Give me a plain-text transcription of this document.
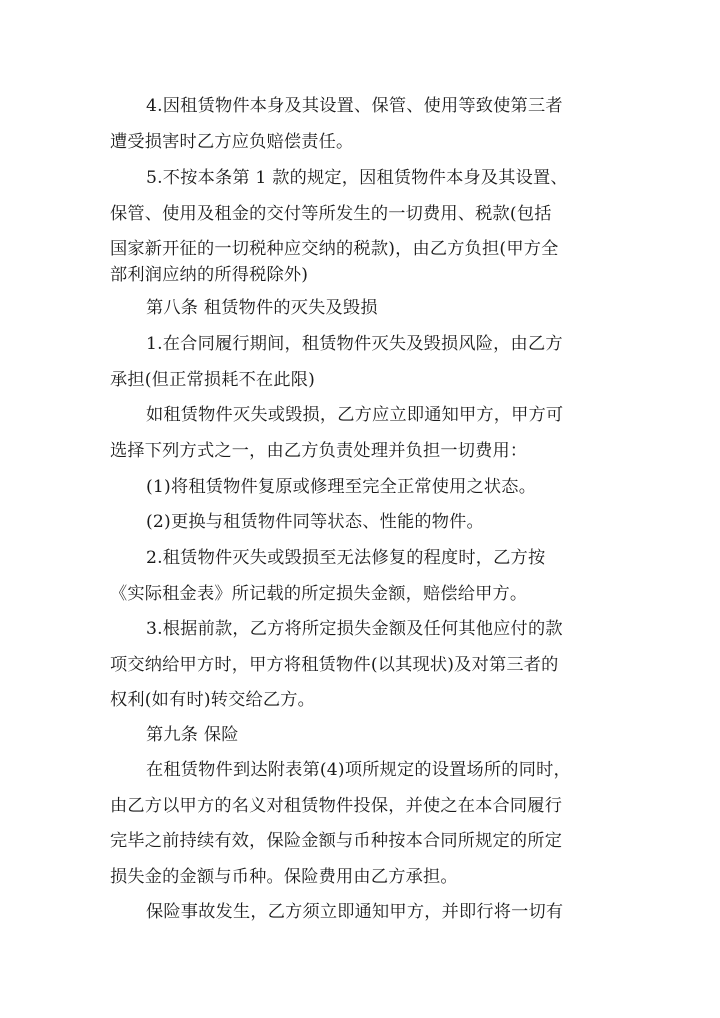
4.因租赁物件本身及其设置、保管、使用等致使第三者
遭受损害时乙方应负赔偿责任。
5.不按本条第 1 款的规定，因租赁物件本身及其设置、
保管、使用及租金的交付等所发生的一切费用、税款(包括
国家新开征的一切税种应交纳的税款)，由乙方负担(甲方全
部利润应纳的所得税除外)
第八条 租赁物件的灭失及毁损
1.在合同履行期间，租赁物件灭失及毁损风险，由乙方
承担(但正常损耗不在此限)
如租赁物件灭失或毁损，乙方应立即通知甲方，甲方可
选择下列方式之一，由乙方负责处理并负担一切费用：
(1)将租赁物件复原或修理至完全正常使用之状态。
(2)更换与租赁物件同等状态、性能的物件。
2.租赁物件灭失或毁损至无法修复的程度时，乙方按
《实际租金表》所记载的所定损失金额，赔偿给甲方。
3.根据前款，乙方将所定损失金额及任何其他应付的款
项交纳给甲方时，甲方将租赁物件(以其现状)及对第三者的
权利(如有时)转交给乙方。
第九条 保险
在租赁物件到达附表第(4)项所规定的设置场所的同时，
由乙方以甲方的名义对租赁物件投保，并使之在本合同履行
完毕之前持续有效，保险金额与币种按本合同所规定的所定
损失金的金额与币种。保险费用由乙方承担。
保险事故发生，乙方须立即通知甲方，并即行将一切有
